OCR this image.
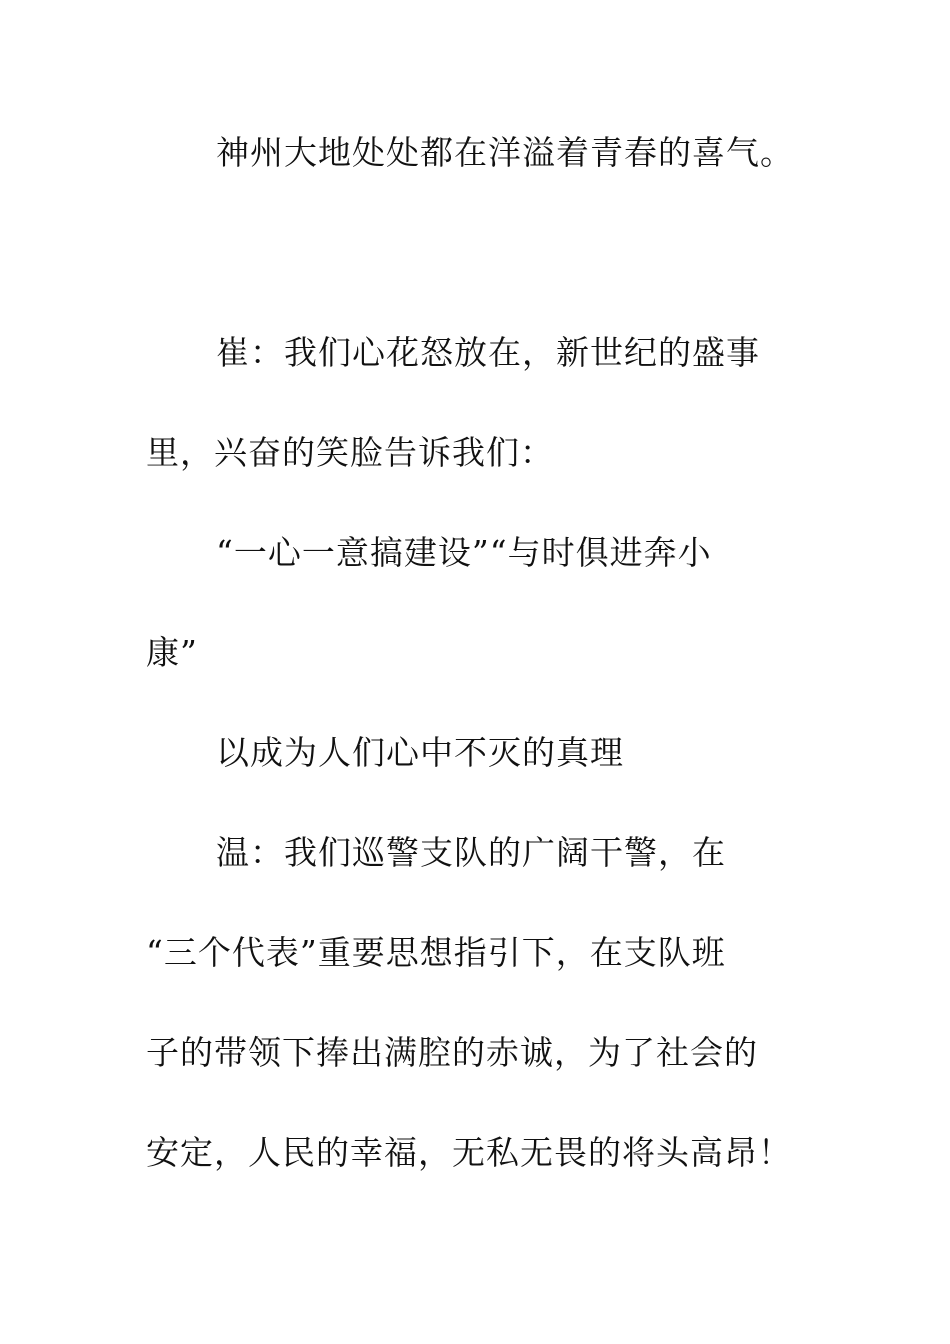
神州大地处处都在洋溢着青春的喜气。
崔：我们心花怒放在，新世纪的盛事
里，兴奋的笑脸告诉我们：
“一心一意搞建设”“与时俱进奔小
康”
以成为人们心中不灭的真理
温：我们巡警支队的广阔干警，在
“三个代表”重要思想指引下，在支队班
子的带领下捧出满腔的赤诚，为了社会的
安定，人民的幸福，无私无畏的将头高昂！
